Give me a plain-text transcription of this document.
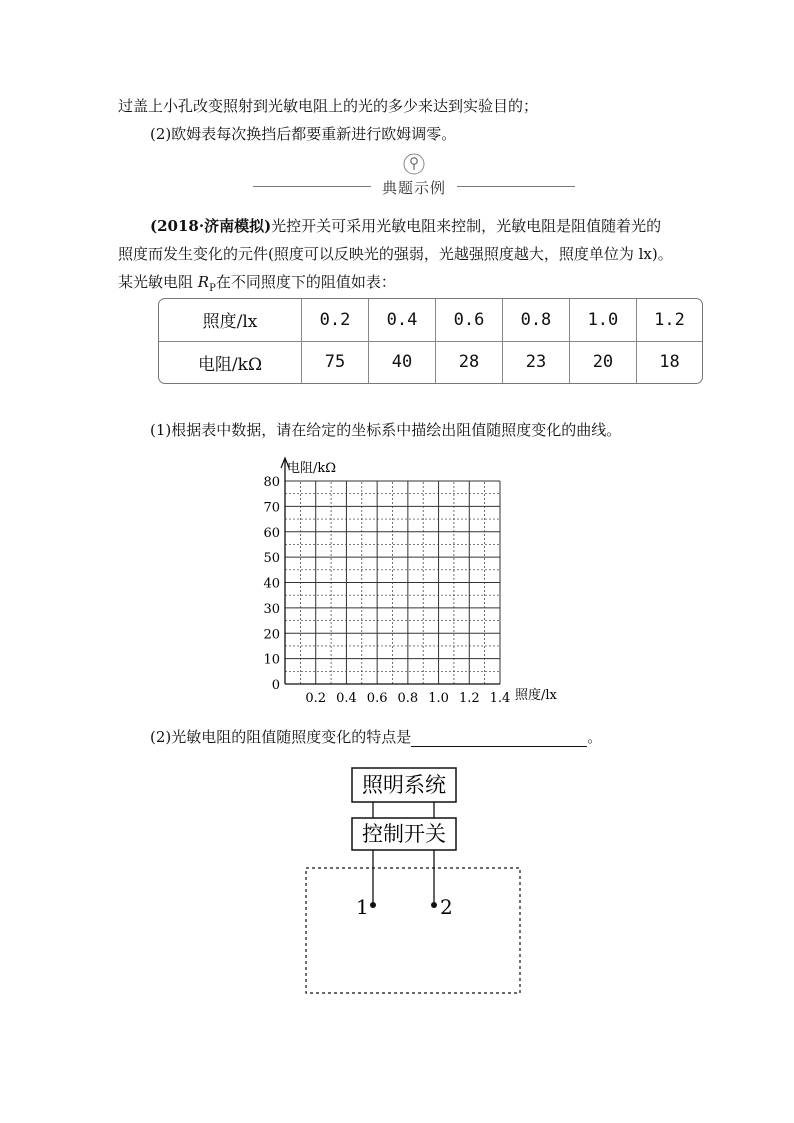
过盖上小孔改变照射到光敏电阻上的光的多少来达到实验目的；
(2)欧姆表每次换挡后都要重新进行欧姆调零。
典题示例
(2018·济南模拟)光控开关可采用光敏电阻来控制，光敏电阻是阻值随着光的
照度而发生变化的元件(照度可以反映光的强弱，光越强照度越大，照度单位为 lx)。
某光敏电阻 $R_P$在不同照度下的阻值如表：
照度/lx	0.2	0.4	0.6	0.8	1.0	1.2
电阻/kΩ	75	40	28	23	20	18
(1)根据表中数据，请在给定的坐标系中描绘出阻值随照度变化的曲线。
0
10
20
30
40
50
60
70
80
0.2 0.4 0.6 0.8 1.0 1.2 1.4
电阻/kΩ
照度/lx
(2)光敏电阻的阻值随照度变化的特点是	。
照明系统
控制开关
1	2
